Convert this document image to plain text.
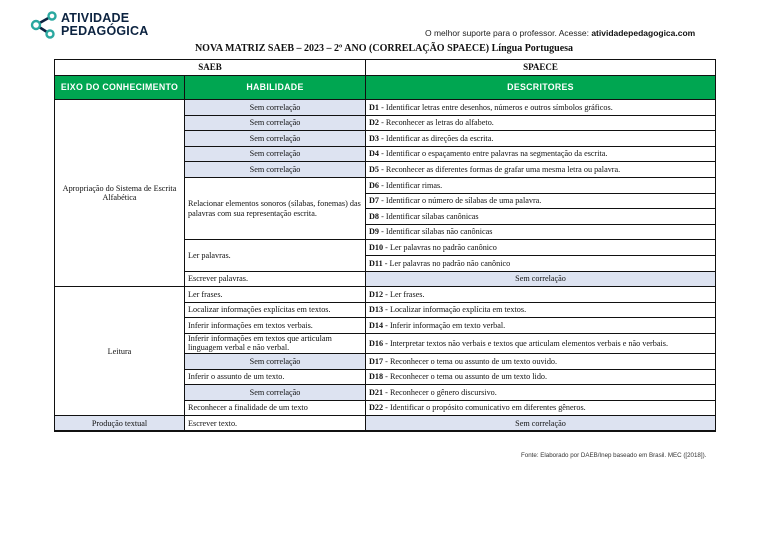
ATIVIDADE
PEDAGÓGICA	O melhor suporte para o professor. Acesse: atividadepedagogica.com
NOVA MATRIZ SAEB – 2023 – 2º ANO (CORRELAÇÃO SPAECE) Língua Portuguesa
SAEB		SPAECE
EIXO DO CONHECIMENTO	HABILIDADE	DESCRITORES
Apropriação do Sistema de Escrita Alfabética	Sem correlação	D1 - Identificar letras entre desenhos, números e outros símbolos gráficos.
	Sem correlação	D2 - Reconhecer as letras do alfabeto.
	Sem correlação	D3 - Identificar as direções da escrita.
	Sem correlação	D4 - Identificar o espaçamento entre palavras na segmentação da escrita.
	Sem correlação	D5 - Reconhecer as diferentes formas de grafar uma mesma letra ou palavra.
	Relacionar elementos sonoros (sílabas, fonemas) das palavras com sua representação escrita.	D6 - Identificar rimas.
		D7 - Identificar o número de sílabas de uma palavra.
		D8 - Identificar sílabas canônicas
		D9 - Identificar sílabas não canônicas
	Ler palavras.	D10 - Ler palavras no padrão canônico
		D11 - Ler palavras no padrão não canônico
	Escrever palavras.	Sem correlação
Leitura	Ler frases.	D12 - Ler frases.
	Localizar informações explícitas em textos.	D13 - Localizar informação explícita em textos.
	Inferir informações em textos verbais.	D14 - Inferir informação em texto verbal.
	Inferir informações em textos que articulam linguagem verbal e não verbal.	D16 - Interpretar textos não verbais e textos que articulam elementos verbais e não verbais.
	Sem correlação	D17 - Reconhecer o tema ou assunto de um texto ouvido.
	Inferir o assunto de um texto.	D18 - Reconhecer o tema ou assunto de um texto lido.
	Sem correlação	D21 - Reconhecer o gênero discursivo.
	Reconhecer a finalidade de um texto	D22 - Identificar o propósito comunicativo em diferentes gêneros.
Produção textual	Escrever texto.	Sem correlação
Fonte: Elaborado por DAEB/Inep baseado em Brasil. MEC ([2018]).
